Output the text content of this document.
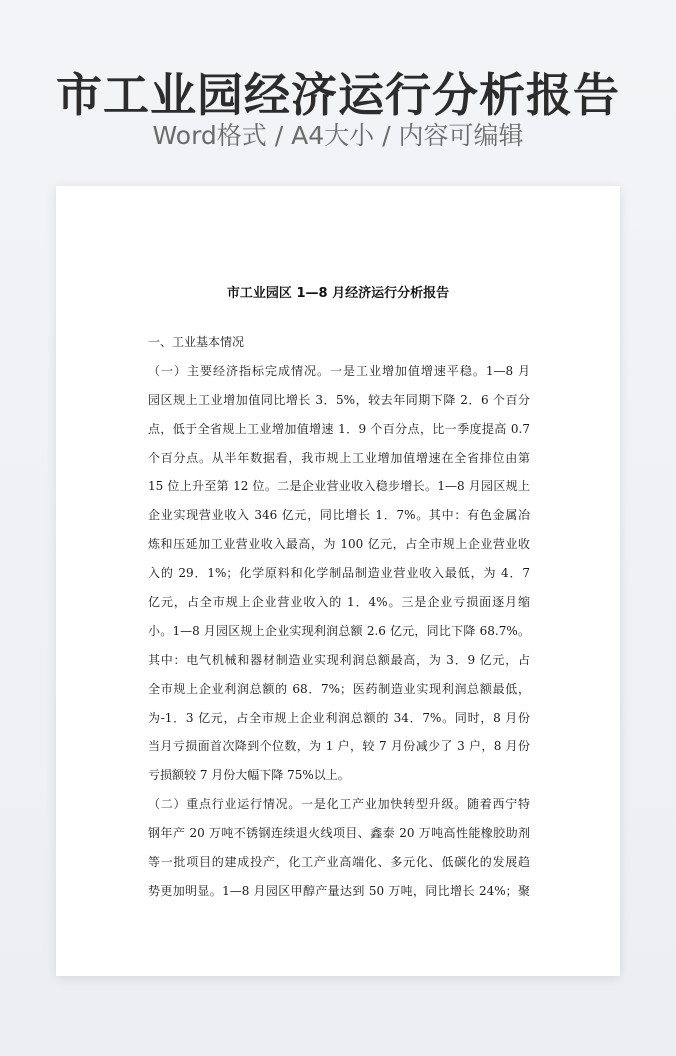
市工业园经济运行分析报告

Word格式 / A4大小 / 内容可编辑

市工业园区 1—8 月经济运行分析报告
一、工业基本情况
（一）主要经济指标完成情况。一是工业增加值增速平稳。1—8 月
园区规上工业增加值同比增长 3．5%，较去年同期下降 2．6 个百分
点，低于全省规上工业增加值增速 1．9 个百分点，比一季度提高 0.7
个百分点。从半年数据看，我市规上工业增加值增速在全省排位由第
15 位上升至第 12 位。二是企业营业收入稳步增长。1—8 月园区规上
企业实现营业收入 346 亿元，同比增长 1．7%。其中：有色金属冶
炼和压延加工业营业收入最高，为 100 亿元，占全市规上企业营业收
入的 29．1%；化学原料和化学制品制造业营业收入最低，为 4．7
亿元，占全市规上企业营业收入的 1．4%。三是企业亏损面逐月缩
小。1—8 月园区规上企业实现利润总额 2.6 亿元，同比下降 68.7%。
其中：电气机械和器材制造业实现利润总额最高，为 3．9 亿元，占
全市规上企业利润总额的 68．7%；医药制造业实现利润总额最低，
为-1．3 亿元，占全市规上企业利润总额的 34．7%。同时，8 月份
当月亏损面首次降到个位数，为 1 户，较 7 月份减少了 3 户，8 月份
亏损额较 7 月份大幅下降 75%以上。
（二）重点行业运行情况。一是化工产业加快转型升级。随着西宁特
钢年产 20 万吨不锈钢连续退火线项目、鑫泰 20 万吨高性能橡胶助剂
等一批项目的建成投产，化工产业高端化、多元化、低碳化的发展趋
势更加明显。1—8 月园区甲醇产量达到 50 万吨，同比增长 24%；聚
